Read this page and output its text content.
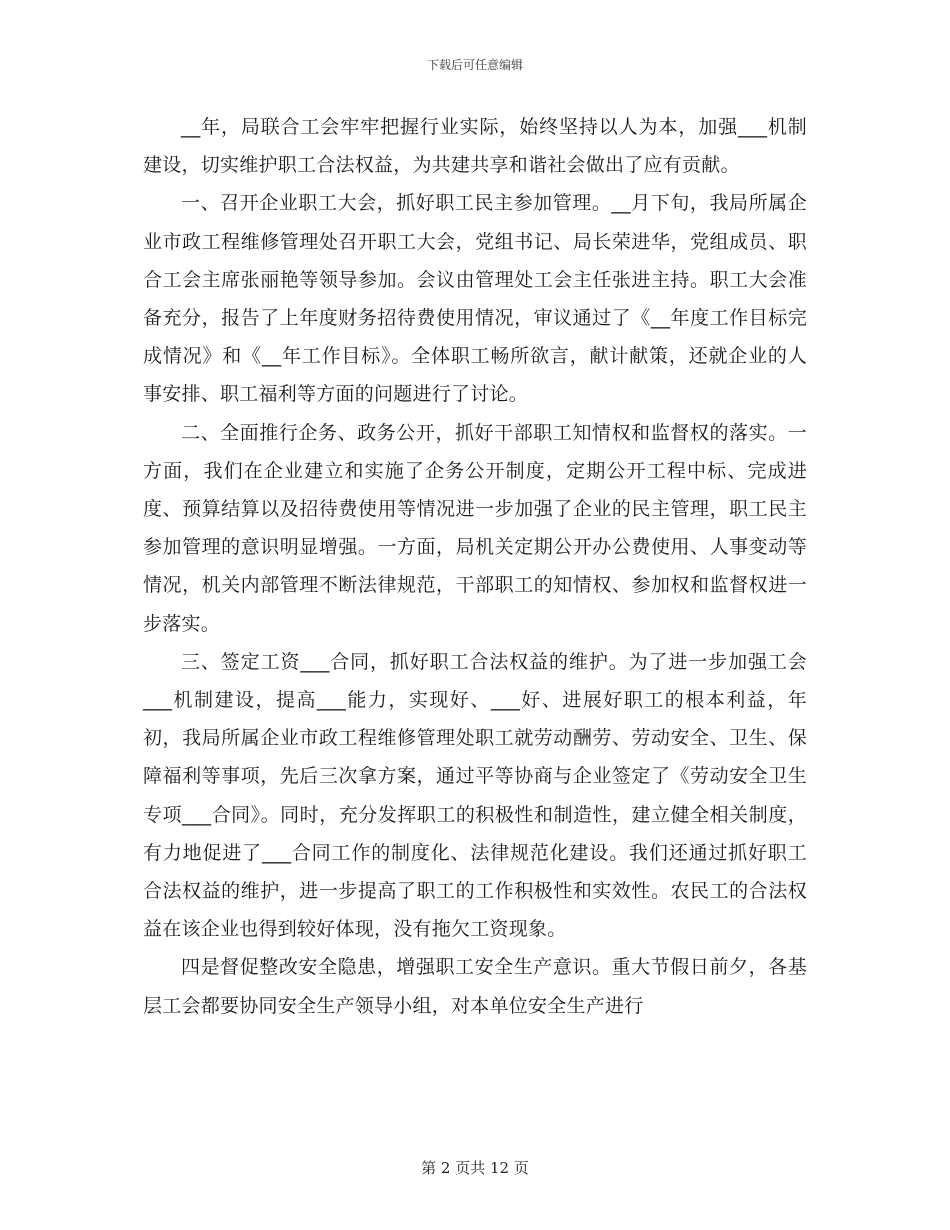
下载后可任意编辑

__年，局联合工会牢牢把握行业实际，始终坚持以人为本，加强___机制建设，切实维护职工合法权益，为共建共享和谐社会做出了应有贡献。

一、召开企业职工大会，抓好职工民主参加管理。__月下旬，我局所属企业市政工程维修管理处召开职工大会，党组书记、局长荣进华，党组成员、职合工会主席张丽艳等领导参加。会议由管理处工会主任张进主持。职工大会准备充分，报告了上年度财务招待费使用情况，审议通过了《__年度工作目标完成情况》和《__年工作目标》。全体职工畅所欲言，献计献策，还就企业的人事安排、职工福利等方面的问题进行了讨论。

二、全面推行企务、政务公开，抓好干部职工知情权和监督权的落实。一方面，我们在企业建立和实施了企务公开制度，定期公开工程中标、完成进度、预算结算以及招待费使用等情况进一步加强了企业的民主管理，职工民主参加管理的意识明显增强。一方面，局机关定期公开办公费使用、人事变动等情况，机关内部管理不断法律规范，干部职工的知情权、参加权和监督权进一步落实。

三、签定工资___合同，抓好职工合法权益的维护。为了进一步加强工会___机制建设，提高___能力，实现好、___好、进展好职工的根本利益，年初，我局所属企业市政工程维修管理处职工就劳动酬劳、劳动安全、卫生、保障福利等事项，先后三次拿方案，通过平等协商与企业签定了《劳动安全卫生专项___合同》。同时，充分发挥职工的积极性和制造性，建立健全相关制度，有力地促进了___合同工作的制度化、法律规范化建设。我们还通过抓好职工合法权益的维护，进一步提高了职工的工作积极性和实效性。农民工的合法权益在该企业也得到较好体现，没有拖欠工资现象。

四是督促整改安全隐患，增强职工安全生产意识。重大节假日前夕，各基层工会都要协同安全生产领导小组，对本单位安全生产进行

第 2 页共 12 页
